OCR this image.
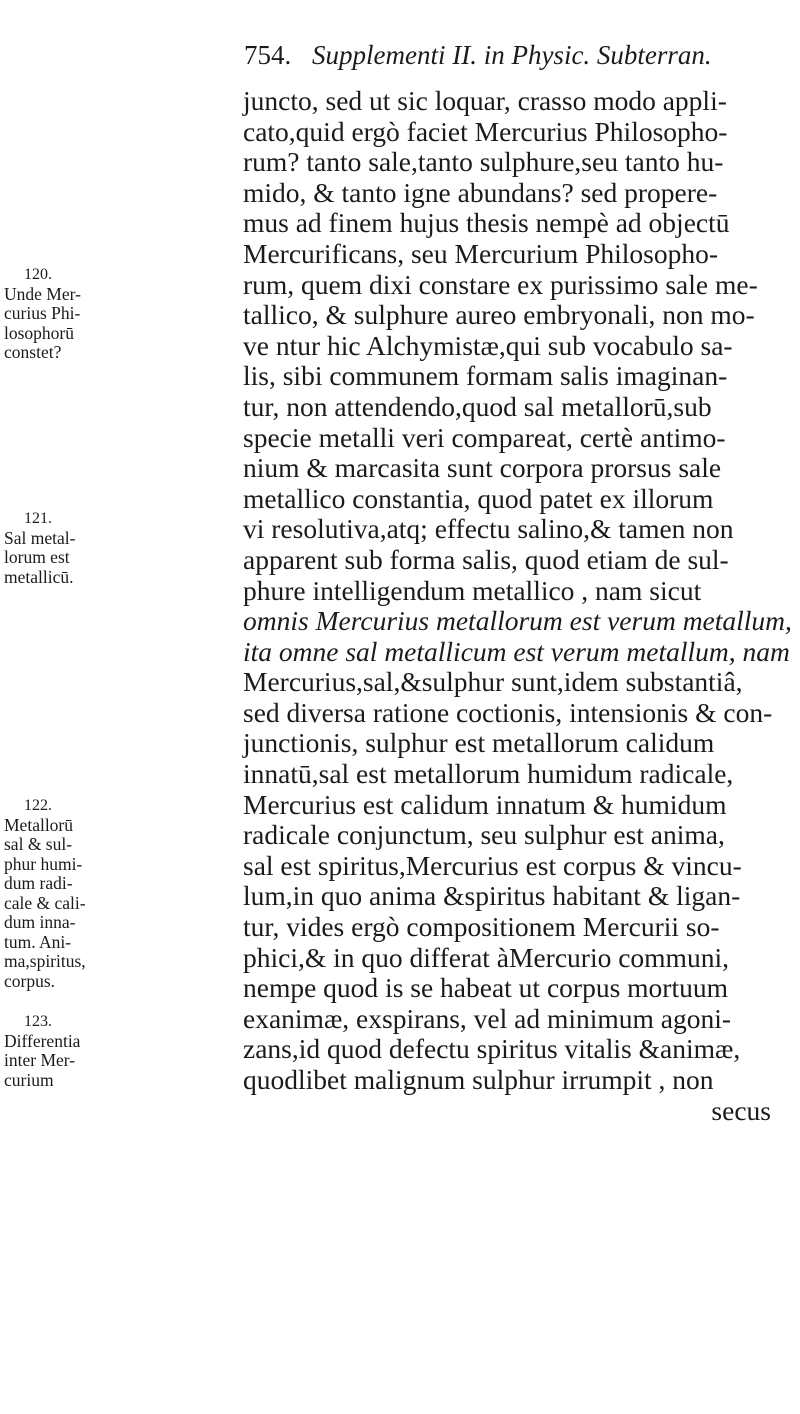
754. Supplementi II. in Physic. Subterran.
juncto, sed ut sic loquar, crasso modo appli-
cato,quid ergò faciet Mercurius Philosopho-
rum? tanto sale,tanto sulphure,seu tanto hu-
mido, & tanto igne abundans? sed propere-
mus ad finem hujus thesis nempè ad objectū
Mercurificans, seu Mercurium Philosopho-
rum, quem dixi constare ex purissimo sale me-
tallico, & sulphure aureo embryonali, non mo-
ve ntur hic Alchymistæ,qui sub vocabulo sa-
lis, sibi communem formam salis imaginan-
tur, non attendendo,quod sal metallorū,sub
specie metalli veri compareat, certè antimo-
nium & marcasita sunt corpora prorsus sale
metallico constantia, quod patet ex illorum
vi resolutiva,atq; effectu salino,& tamen non
apparent sub forma salis, quod etiam de sul-
phure intelligendum metallico , nam sicut
omnis Mercurius metallorum est verum metallum,
ita omne sal metallicum est verum metallum, nam
Mercurius,sal,&sulphur sunt,idem substantiâ,
sed diversa ratione coctionis, intensionis & con-
junctionis, sulphur est metallorum calidum
innatū,sal est metallorum humidum radicale,
Mercurius est calidum innatum & humidum
radicale conjunctum, seu sulphur est anima,
sal est spiritus,Mercurius est corpus & vincu-
lum,in quo anima &spiritus habitant & ligan-
tur, vides ergò compositionem Mercurii so-
phici,& in quo differat àMercurio communi,
nempe quod is se habeat ut corpus mortuum
exanimæ, exspirans, vel ad minimum agoni-
zans,id quod defectu spiritus vitalis &animæ,
quodlibet malignum sulphur irrumpit , non
secus
120.
Unde Mer-
curius Phi-
losophorū
constet?
121.
Sal metal-
lorum est
metallicū.
122.
Metallorū
sal & sul-
phur humi-
dum radi-
cale & cali-
dum inna-
tum. Ani-
ma,spiritus,
corpus.
123.
Differentia
inter Mer-
curium
